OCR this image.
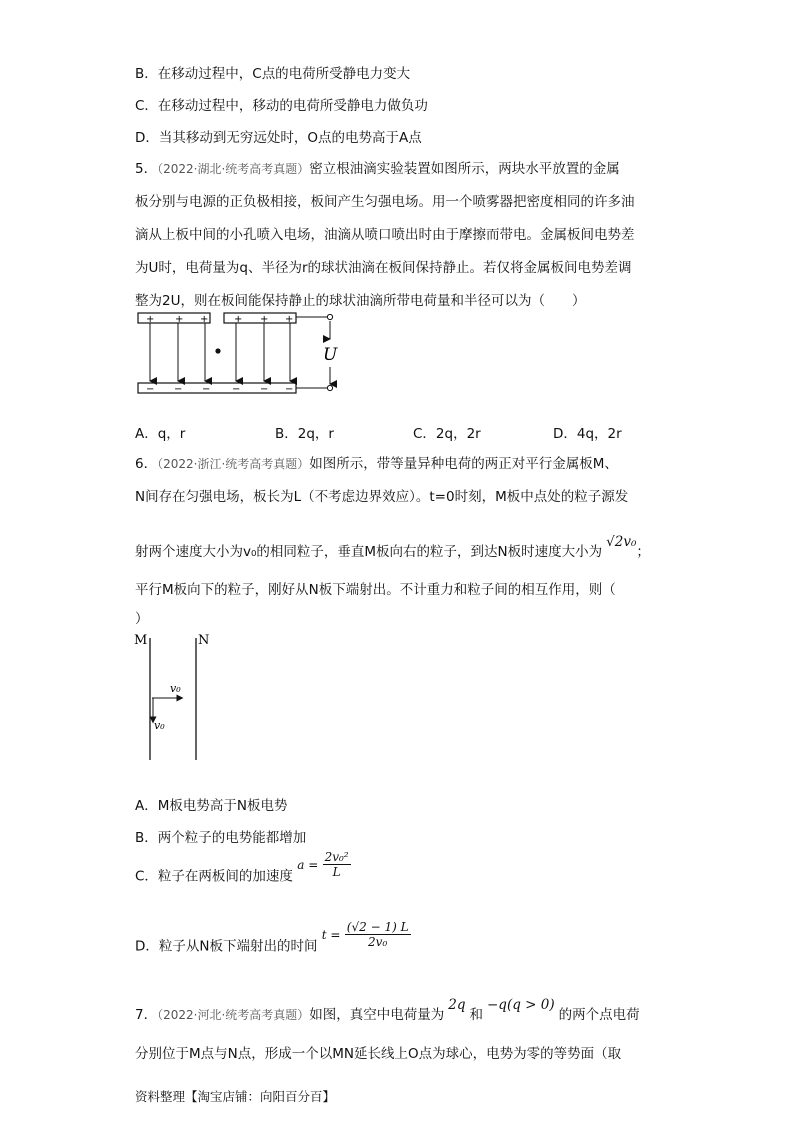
B．在移动过程中，C点的电荷所受静电力变大
C．在移动过程中，移动的电荷所受静电力做负功
D．当其移动到无穷远处时，O点的电势高于A点
5．（2022·湖北·统考高考真题）密立根油滴实验装置如图所示，两块水平放置的金属
板分别与电源的正负极相接，板间产生匀强电场。用一个喷雾器把密度相同的许多油
滴从上板中间的小孔喷入电场，油滴从喷口喷出时由于摩擦而带电。金属板间电势差
为U时，电荷量为q、半径为r的球状油滴在板间保持静止。若仅将金属板间电势差调
整为2U，则在板间能保持静止的球状油滴所带电荷量和半径可以为（　　）
+ + +	+ + +
− − − − − −
U
A．q，r	B．2q，r	C．2q，2r	D．4q，2r
6．（2022·浙江·统考高考真题）如图所示，带等量异种电荷的两正对平行金属板M、
N间存在匀强电场，板长为L（不考虑边界效应）。t=0时刻，M板中点处的粒子源发
射两个速度大小为v₀的相同粒子，垂直M板向右的粒子，到达N板时速度大小为√2v₀；
平行M板向下的粒子，刚好从N板下端射出。不计重力和粒子间的相互作用，则（
）
M	N
v₀
v₀
A．M板电势高于N板电势
B．两个粒子的电势能都增加
C．粒子在两板间的加速度 $a = \frac{\text{2v₀²}}{L}$
D．粒子从N板下端射出的时间 $t = \frac{(√2 - 1) L}{\text{2v₀}}$
7．（2022·河北·统考高考真题）如图，真空中电荷量为2q和−q(q > 0)的两个点电荷
分别位于M点与N点，形成一个以MN延长线上O点为球心，电势为零的等势面（取
资料整理【淘宝店铺：向阳百分百】
